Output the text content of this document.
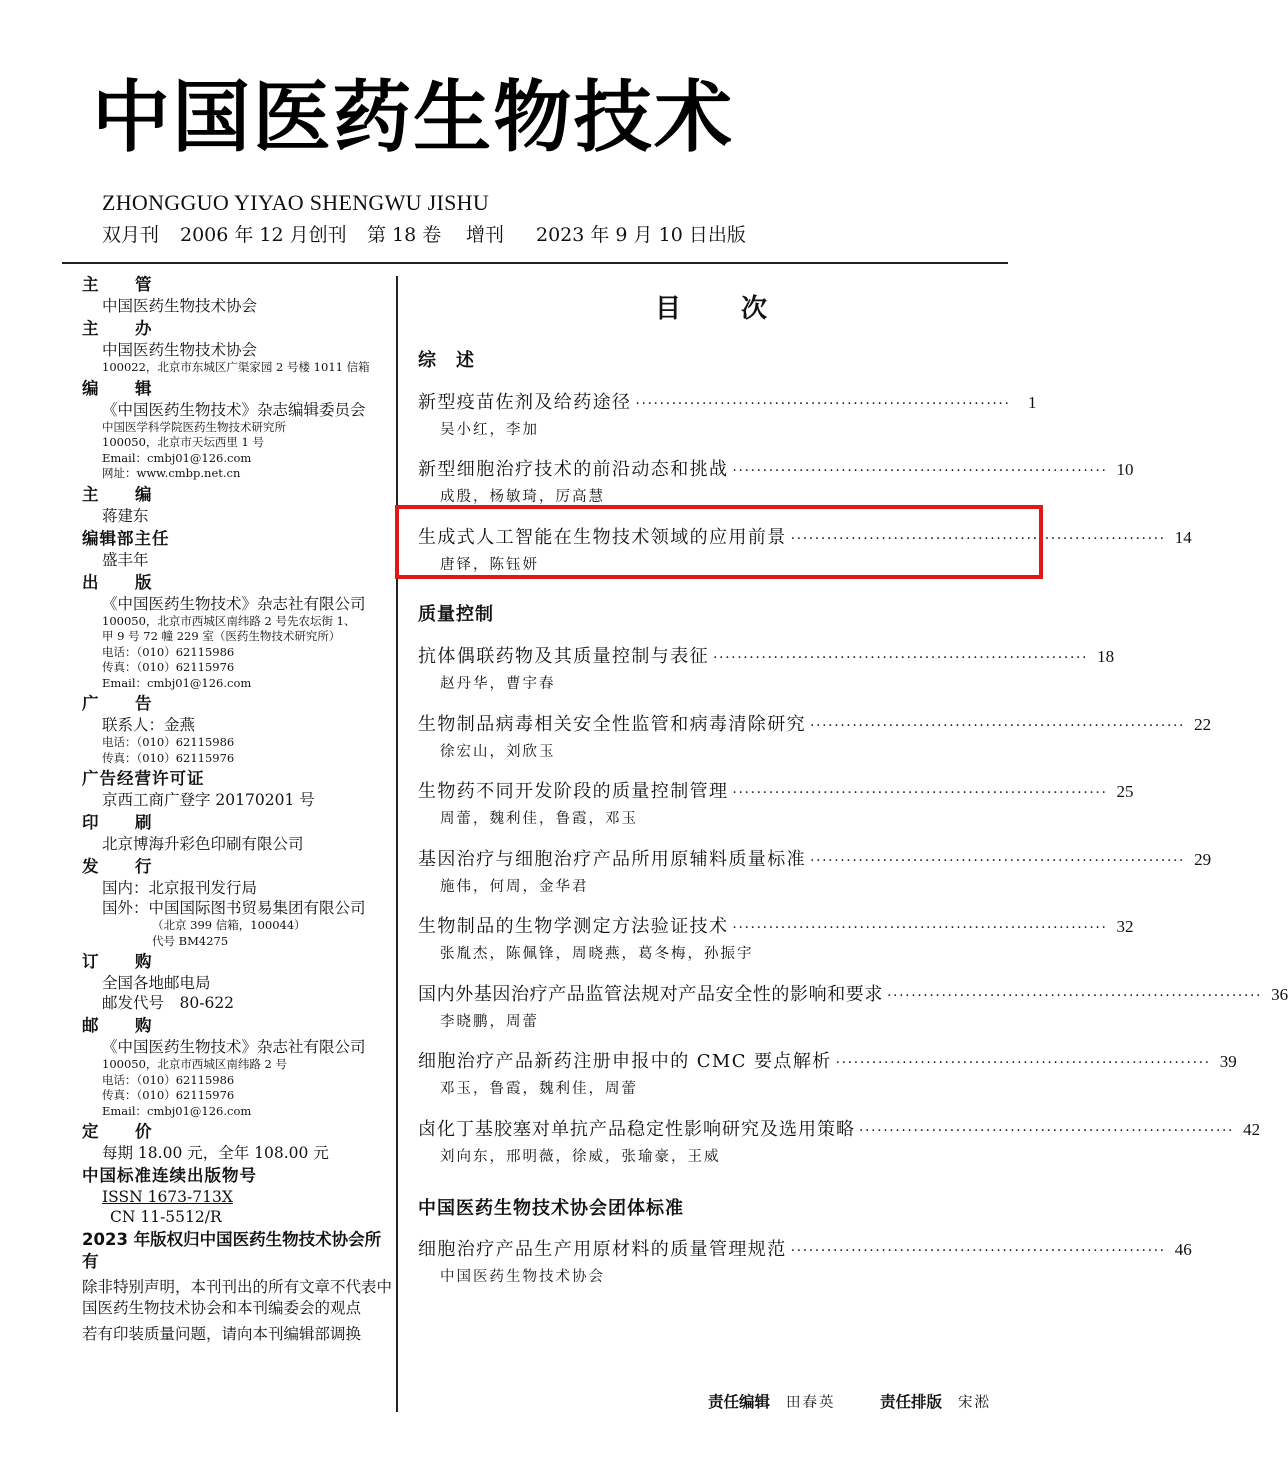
中 国 医 药 生 物 技 术
ZHONGGUO YIYAO SHENGWU JISHU
双月刊 2006 年 12 月创刊 第 18 卷 增刊 2023 年 9 月 10 日出版
主　管
中国医药生物技术协会
主　办
中国医药生物技术协会
100022，北京市东城区广渠家园 2 号楼 1011 信箱
编　辑
《中国医药生物技术》杂志编辑委员会
中国医学科学院医药生物技术研究所
100050，北京市天坛西里 1 号
Email：cmbj01@126.com
网址：www.cmbp.net.cn
主　编
蒋建东
编辑部主任
盛丰年
出　版
《中国医药生物技术》杂志社有限公司
100050，北京市西城区南纬路 2 号先农坛街 1、
甲 9 号 72 幢 229 室（医药生物技术研究所）
电话：（010）62115986
传真：（010）62115976
Email：cmbj01@126.com
广　告
联系人：金燕
电话：（010）62115986
传真：（010）62115976
广告经营许可证
京西工商广登字 20170201 号
印　刷
北京博海升彩色印刷有限公司
发　行
国内：北京报刊发行局
国外：中国国际图书贸易集团有限公司
（北京 399 信箱，100044）
代号 BM4275
订　购
全国各地邮电局
邮发代号　80-622
邮　购
《中国医药生物技术》杂志社有限公司
100050，北京市西城区南纬路 2 号
电话：（010）62115986
传真：（010）62115976
Email：cmbj01@126.com
定　价
每期 18.00 元，全年 108.00 元
中国标准连续出版物号
ISSN 1673-713X
CN 11-5512/R
2023 年版权归中国医药生物技术协会所有
除非特别声明，本刊刊出的所有文章不代表中国医药生物技术协会和本刊编委会的观点
若有印装质量问题，请向本刊编辑部调换
目次
综　述
新型疫苗佐剂及给药途径 ······························································	1
吴小红，李加
新型细胞治疗技术的前沿动态和挑战 ······························································ 10
成殷，杨敏琦，厉高慧
生成式人工智能在生物技术领域的应用前景 ······························································ 14
唐铎，陈钰妍
质量控制
抗体偶联药物及其质量控制与表征 ······························································ 18
赵丹华，曹宇春
生物制品病毒相关安全性监管和病毒清除研究 ······························································ 22
徐宏山，刘欣玉
生物药不同开发阶段的质量控制管理 ······························································ 25
周蕾，魏利佳，鲁霞，邓玉
基因治疗与细胞治疗产品所用原辅料质量标准 ······························································ 29
施伟，何周，金华君
生物制品的生物学测定方法验证技术 ······························································ 32
张胤杰，陈佩锋，周晓燕，葛冬梅，孙振宇
国内外基因治疗产品监管法规对产品安全性的影响和要求 ······························································ 36
李晓鹏，周蕾
细胞治疗产品新药注册申报中的 CMC 要点解析 ······························································ 39
邓玉，鲁霞，魏利佳，周蕾
卤化丁基胶塞对单抗产品稳定性影响研究及选用策略 ······························································ 42
刘向东，邢明薇，徐威，张瑜豪，王威
中国医药生物技术协会团体标准
细胞治疗产品生产用原材料的质量管理规范 ······························································ 46
中国医药生物技术协会
责任编辑 田春英	责任排版 宋淞
